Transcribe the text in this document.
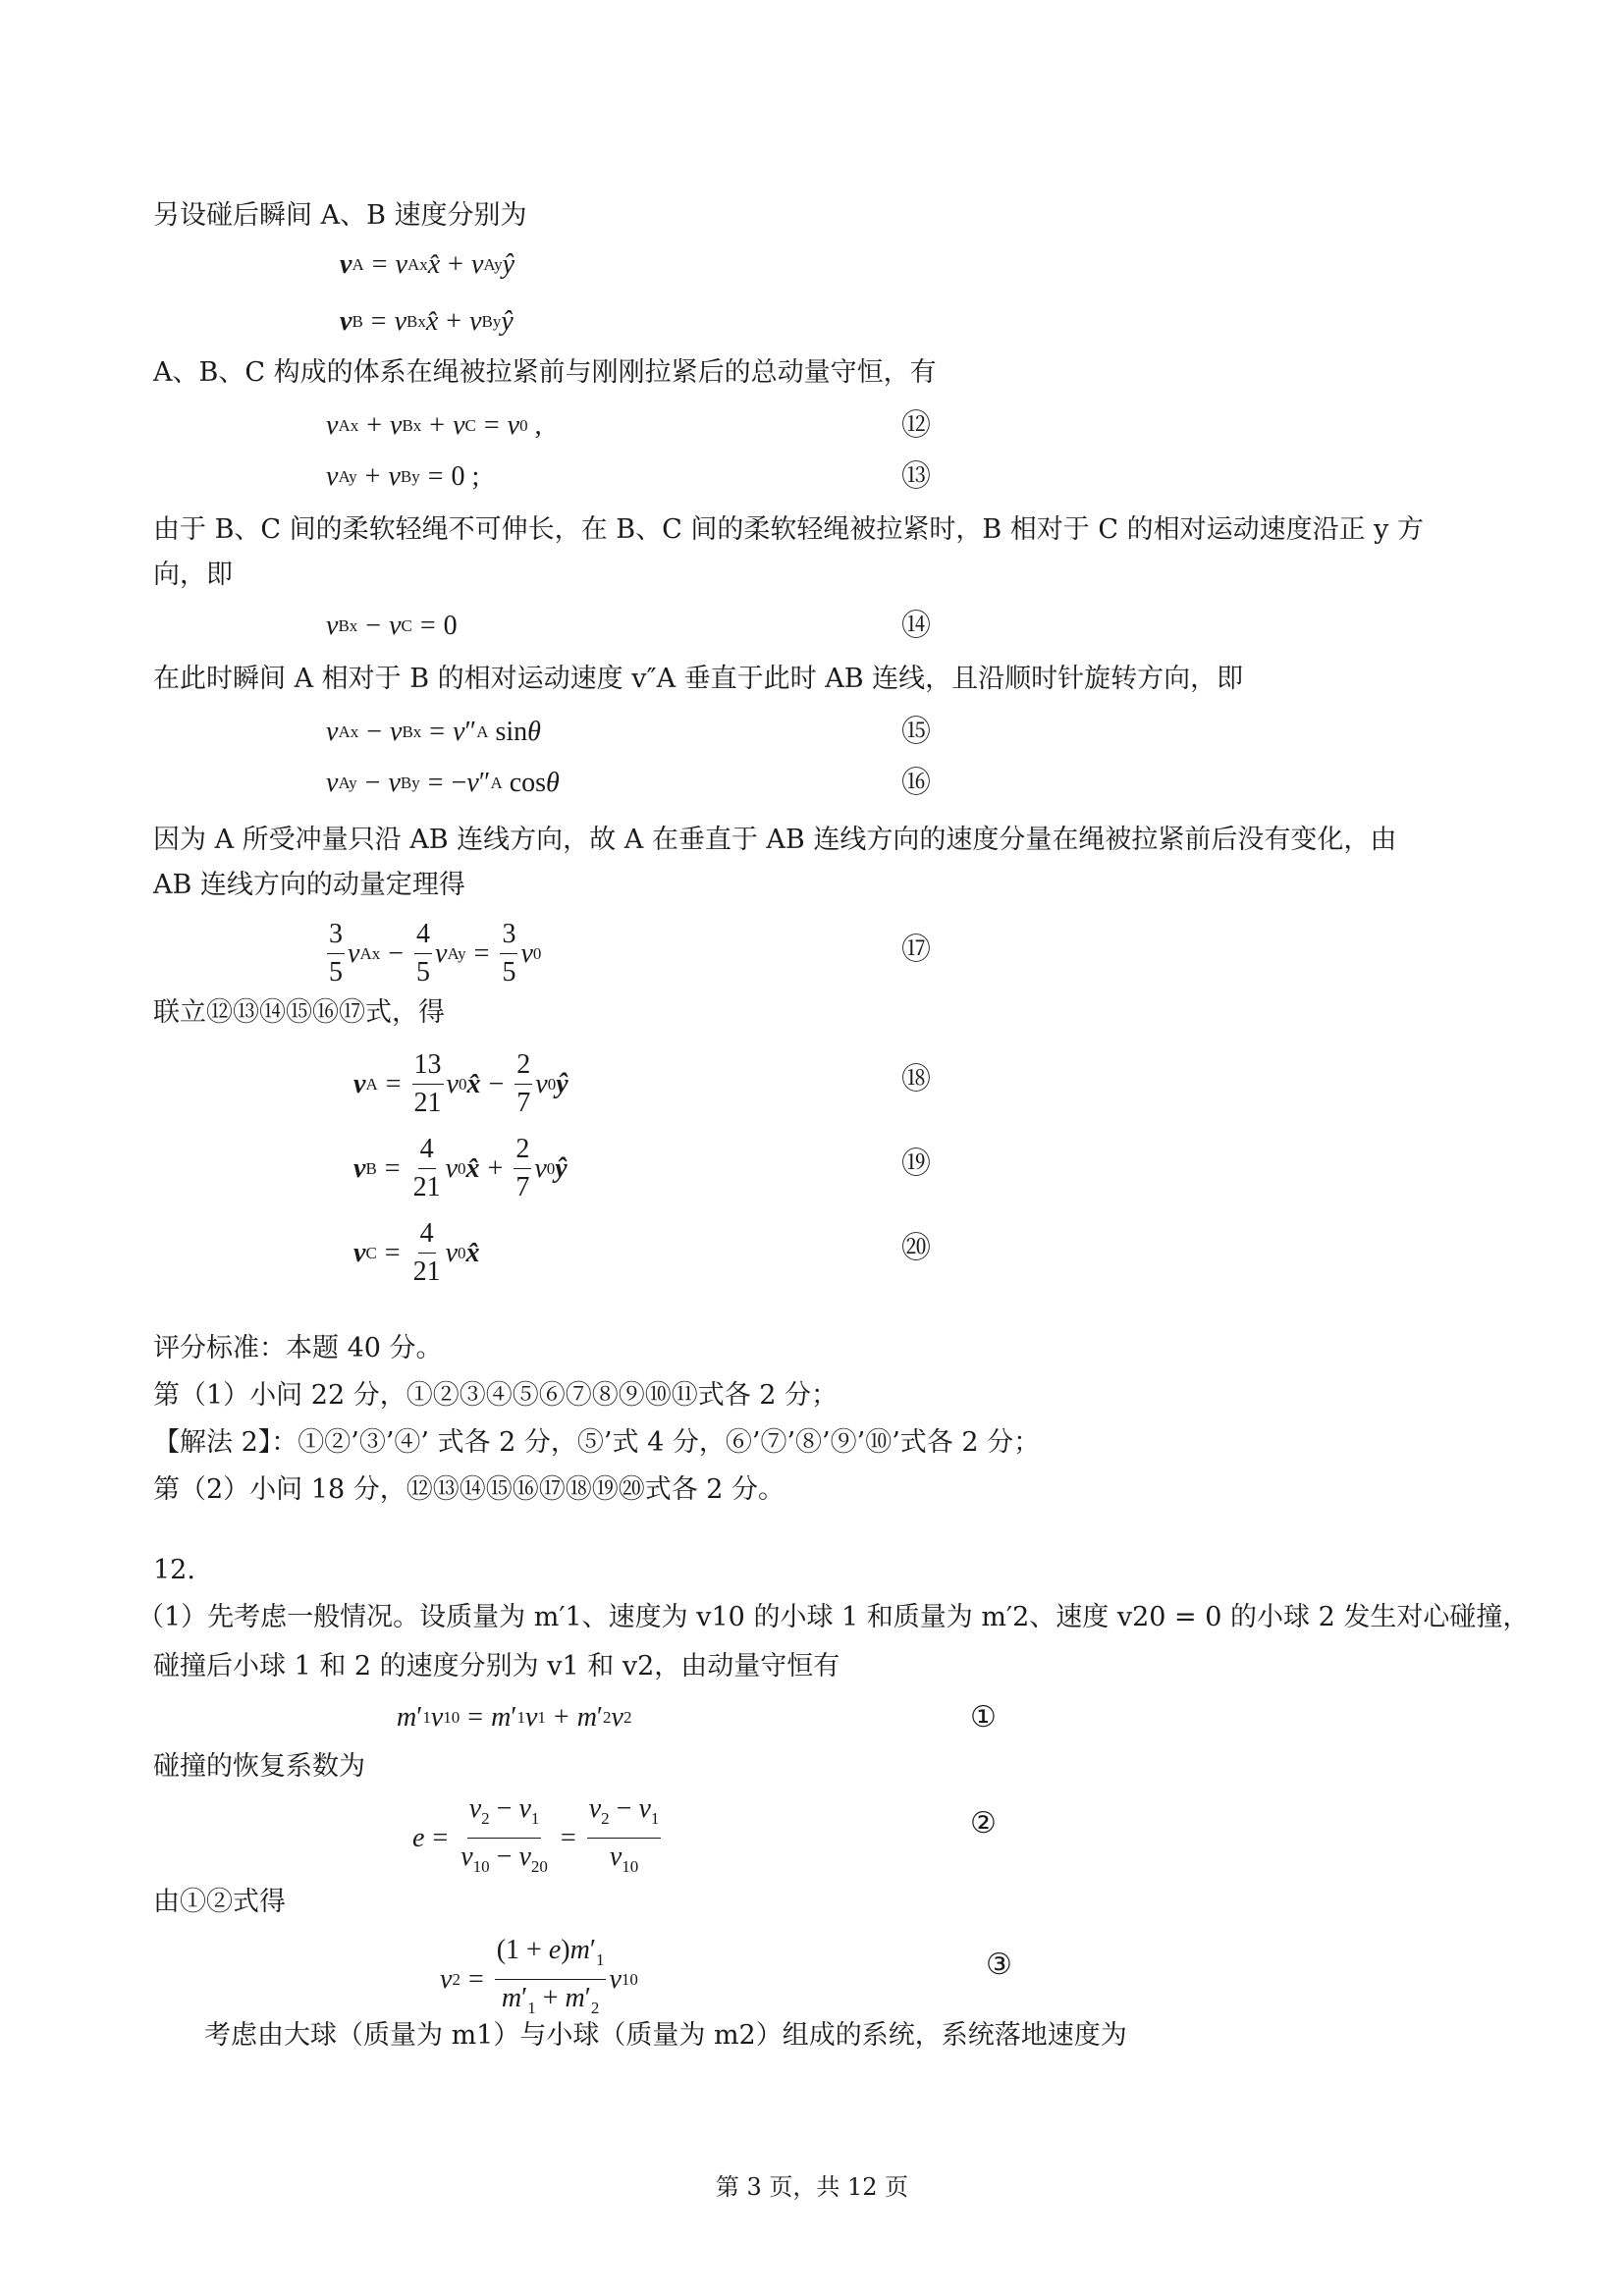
另设碰后瞬间 A、B 速度分别为
v A = v Ax x̂ + v Ay ŷ
v B = v Bx x̂ + v By ŷ
A、B、C 构成的体系在绳被拉紧前与刚刚拉紧后的总动量守恒，有
v Ax + v Bx + v C = v 0 ,	⑫
v Ay + v By = 0 ;	⑬
由于 B、C 间的柔软轻绳不可伸长，在 B、C 间的柔软轻绳被拉紧时，B 相对于 C 的相对运动速度沿正 y 方
向，即
v Bx − v C = 0	⑭
在此时瞬间 A 相对于 B 的相对运动速度 v″A 垂直于此时 AB 连线，且沿顺时针旋转方向，即
v Ax − v Bx = v ″ A sin θ	⑮
v Ay − v By = − v ″ A cos θ	⑯
因为 A 所受冲量只沿 AB 连线方向，故 A 在垂直于 AB 连线方向的速度分量在绳被拉紧前后没有变化，由
AB 连线方向的动量定理得
$\frac{3}{5}$ v $Ax - \frac{4}{5}$ v $Ay = \frac{3}{5}$ v 0	⑰
联立⑫⑬⑭⑮⑯⑰式，得
v $A = \frac{13}{21}$ v 0 x̂ − $\frac{2}{7}$ v 0 ŷ	⑱
v $B = \frac{4}{21}$ v 0 x̂ + $\frac{2}{7}$ v 0 ŷ	⑲
v $C = \frac{4}{21}$ v 0 x̂	⑳
评分标准：本题 40 分。
第（1）小问 22 分，①②③④⑤⑥⑦⑧⑨⑩⑪式各 2 分；
【解法 2】：①②’③’④’ 式各 2 分，⑤’式 4 分，⑥’⑦’⑧’⑨’⑩’式各 2 分；
第（2）小问 18 分，⑫⑬⑭⑮⑯⑰⑱⑲⑳式各 2 分。
12.
（1）先考虑一般情况。设质量为 m′1、速度为 v10 的小球 1 和质量为 m′2、速度 v20 = 0 的小球 2 发生对心碰撞，
碰撞后小球 1 和 2 的速度分别为 v1 和 v2，由动量守恒有
m ′ 1 v 10 = m ′ 1 v 1 + m ′ 2 v 2	①
碰撞的恢复系数为
$e = \frac{v_2 - v_1}{v_{10} - v_{20}} = \frac{v_2 - v_1}{v_{10}}$	②
由①②式得
v $2 = \frac{(1 + e)m'_1}{m'_1 + m'_2}$ v 10	③
考虑由大球（质量为 m1）与小球（质量为 m2）组成的系统，系统落地速度为
第 3 页，共 12 页
